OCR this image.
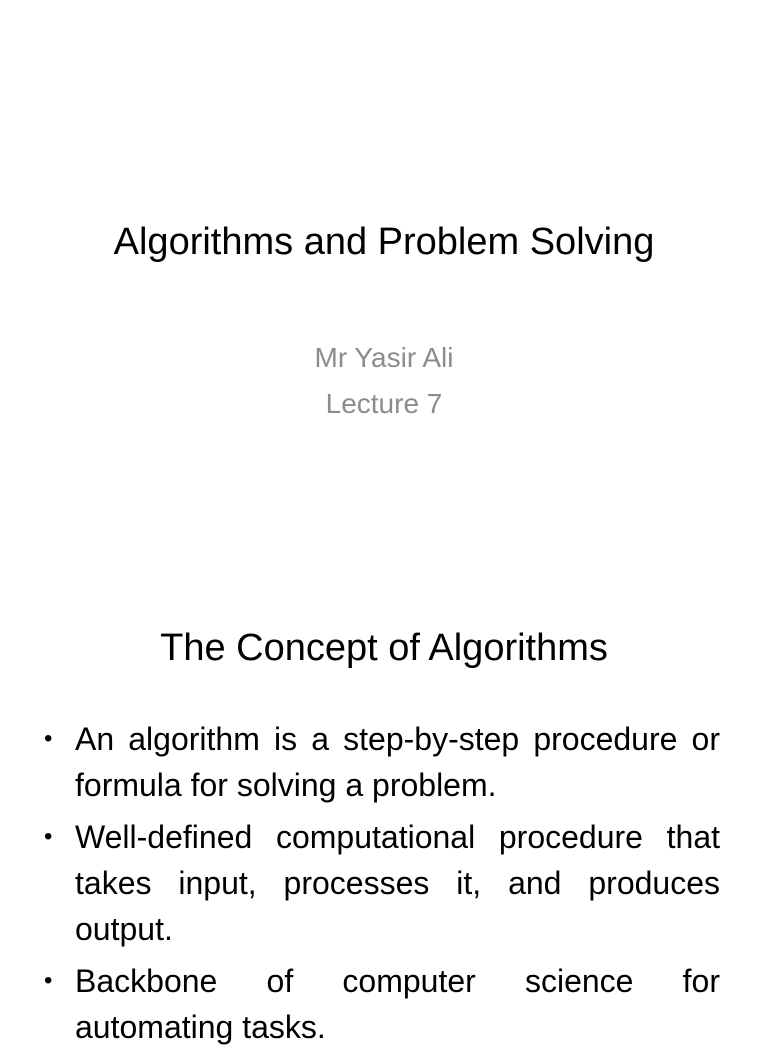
Algorithms and Problem Solving
Mr Yasir Ali
Lecture 7
The Concept of Algorithms
• An algorithm is a step-by-step procedure or formula for solving a problem.
• Well-defined computational procedure that takes input, processes it, and produces output.
• Backbone of computer science for automating tasks.
